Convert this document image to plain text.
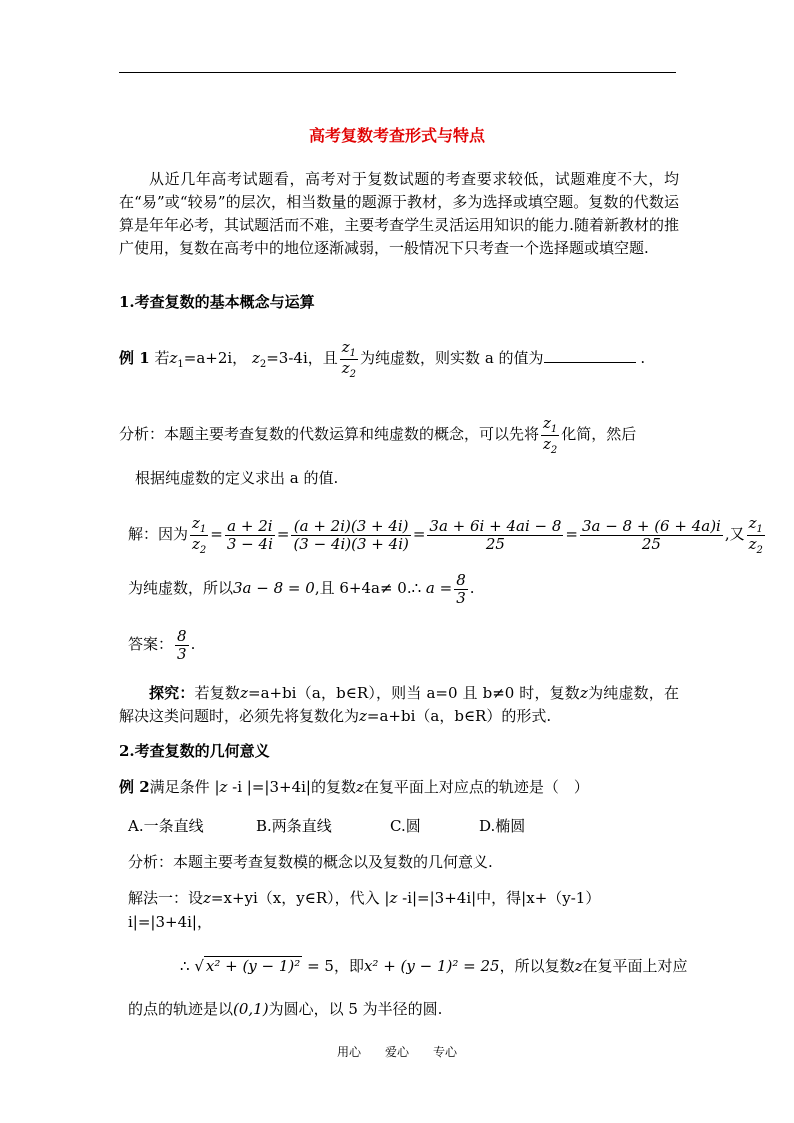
高考复数考查形式与特点
从近几年高考试题看，高考对于复数试题的考查要求较低，试题难度不大，均在“易”或“较易”的层次，相当数量的题源于教材，多为选择或填空题。复数的代数运算是年年必考，其试题活而不难，主要考查学生灵活运用知识的能力.随着新教材的推广使用，复数在高考中的地位逐渐减弱，一般情况下只考查一个选择题或填空题.
1.考查复数的基本概念与运算
例 1 若$z_1=a+2i$， $z_2=3-4i$，且 $\frac{z_1}{z_2}$ 为纯虚数，则实数 a 的值为	.
分析：本题主要考查复数的代数运算和纯虚数的概念，可以先将 $\frac{z_1}{z_2}$ 化简，然后
根据纯虚数的定义求出 a 的值.
解：因为 $\frac{z_1}{z_2} = \frac{a + 2i}{3 - 4i} = \frac{(a + 2i)(3 + 4i)}{(3 - 4i)(3 + 4i)} = \frac{3a + 6i + 4ai - 8}{25} = \frac{3a - 8 + (6 + 4a)i}{25}$ ,又 $\frac{z_1}{z_2}$
为纯虚数，所以3a − 8 = 0,且 6+4a≠ 0.∴ $a = \frac{8}{3}$ .
答案： $\frac{8}{3}$ .
探究：若复数z=a+bi（a，b∈R），则当 a=0 且 b≠0 时，复数z为纯虚数，在解决这类问题时，必须先将复数化为z=a+bi（a，b∈R）的形式.
2.考查复数的几何意义
例 2满足条件 |z -i |=|3+4i|的复数z在复平面上对应点的轨迹是（　）
A.一条直线	B.两条直线	C.圆	D.椭圆
分析：本题主要考查复数模的概念以及复数的几何意义.
解法一：设z=x+yi（x，y∈R），代入 |z -i|=|3+4i|中，得|x+（y-1）
i|=|3+4i|，
∴ √ x² + (y − 1)² = 5，即x² + (y − 1)² = 25，所以复数z在复平面上对应
的点的轨迹是以(0,1)为圆心，以 5 为半径的圆.
用心　　爱心　　专心
